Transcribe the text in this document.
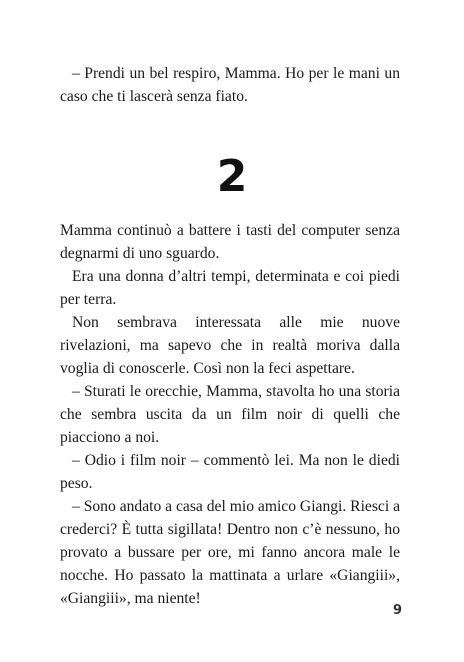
– Prendi un bel respiro, Mamma. Ho per le mani un caso che ti lascerà senza fiato.

2

Mamma continuò a battere i tasti del computer senza degnarmi di uno sguardo.

Era una donna d’altri tempi, determinata e coi piedi per terra.

Non sembrava interessata alle mie nuove rivelazioni, ma sapevo che in realtà moriva dalla voglia di conoscerle. Così non la feci aspettare.

– Sturati le orecchie, Mamma, stavolta ho una storia che sembra uscita da un film noir di quelli che piacciono a noi.

– Odio i film noir – commentò lei. Ma non le diedi peso.

– Sono andato a casa del mio amico Giangi. Riesci a crederci? È tutta sigillata! Dentro non c’è nessuno, ho provato a bussare per ore, mi fanno ancora male le nocche. Ho passato la mattinata a urlare «Giangiii», «Giangiii», ma niente!

9
